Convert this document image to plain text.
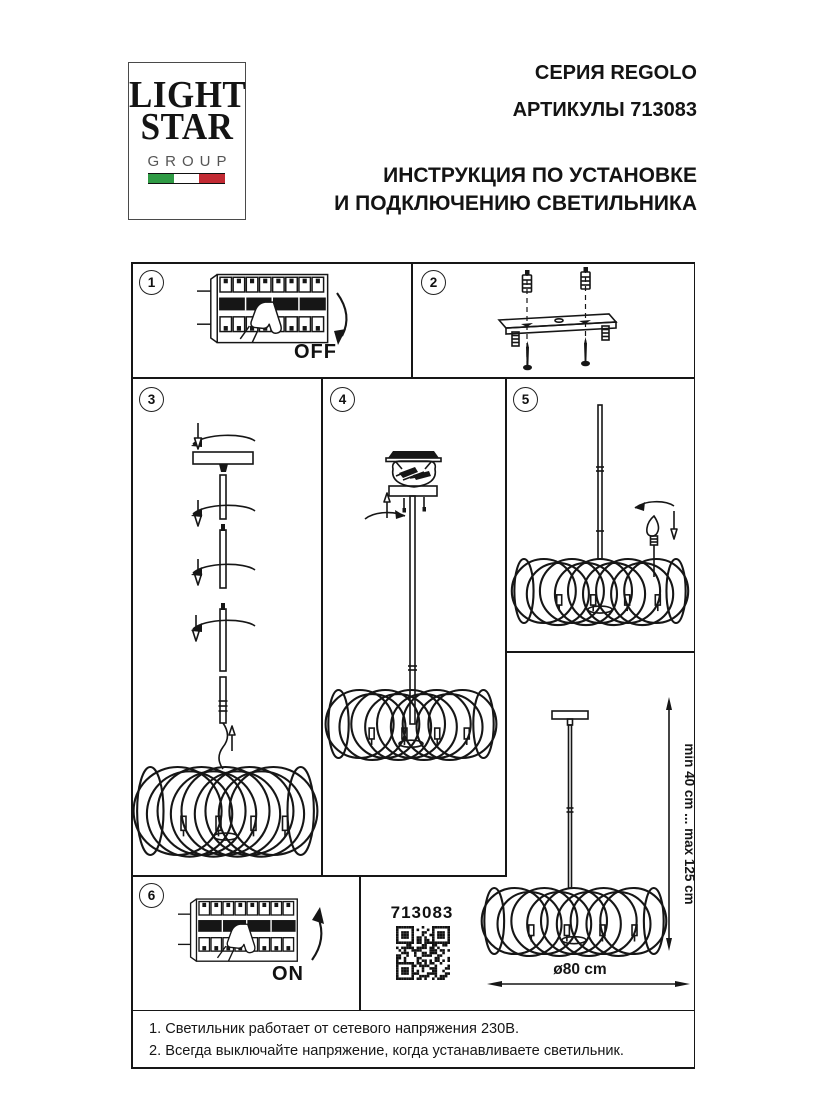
LIGHT
STAR
GROUP
СЕРИЯ REGOLO
АРТИКУЛЫ 713083
ИНСТРУКЦИЯ ПО УСТАНОВКЕ
И ПОДКЛЮЧЕНИЮ СВЕТИЛЬНИКА
1	2
3	4	5
6
OFF
ON
713083
min 40 cm ... max 125 cm
ø80 cm
1. Светильник работает от сетевого напряжения 230В.
2. Всегда выключайте напряжение, когда устанавливаете светильник.
